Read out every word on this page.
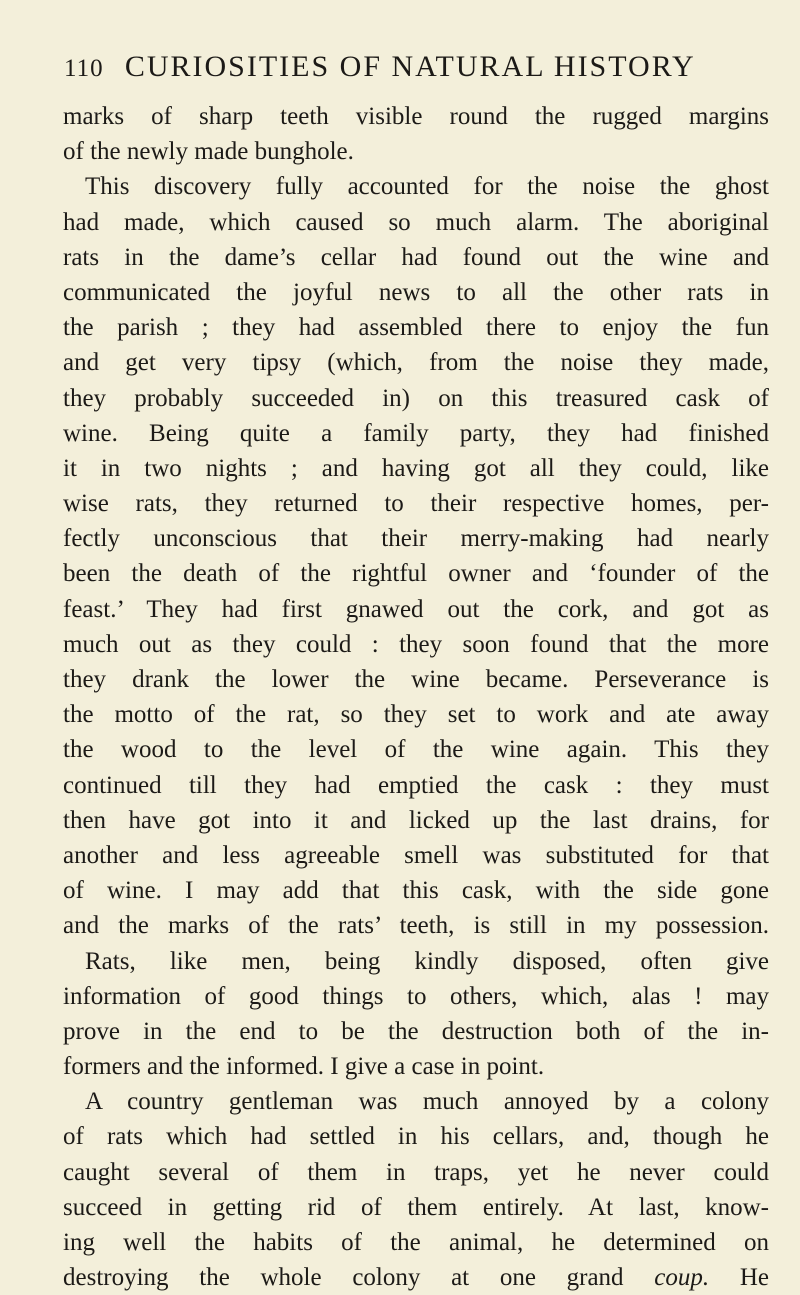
110 CURIOSITIES OF NATURAL HISTORY
marks of sharp teeth visible round the rugged margins
of the newly made bunghole.
This discovery fully accounted for the noise the ghost
had made, which caused so much alarm. The aboriginal
rats in the dame’s cellar had found out the wine and
communicated the joyful news to all the other rats in
the parish ; they had assembled there to enjoy the fun
and get very tipsy (which, from the noise they made,
they probably succeeded in) on this treasured cask of
wine. Being quite a family party, they had finished
it in two nights ; and having got all they could, like
wise rats, they returned to their respective homes, per-
fectly unconscious that their merry-making had nearly
been the death of the rightful owner and ‘founder of the
feast.’ They had first gnawed out the cork, and got as
much out as they could : they soon found that the more
they drank the lower the wine became. Perseverance is
the motto of the rat, so they set to work and ate away
the wood to the level of the wine again. This they
continued till they had emptied the cask : they must
then have got into it and licked up the last drains, for
another and less agreeable smell was substituted for that
of wine. I may add that this cask, with the side gone
and the marks of the rats’ teeth, is still in my possession.
Rats, like men, being kindly disposed, often give
information of good things to others, which, alas ! may
prove in the end to be the destruction both of the in-
formers and the informed. I give a case in point.
A country gentleman was much annoyed by a colony
of rats which had settled in his cellars, and, though he
caught several of them in traps, yet he never could
succeed in getting rid of them entirely. At last, know-
ing well the habits of the animal, he determined on
destroying the whole colony at one grand coup. He
